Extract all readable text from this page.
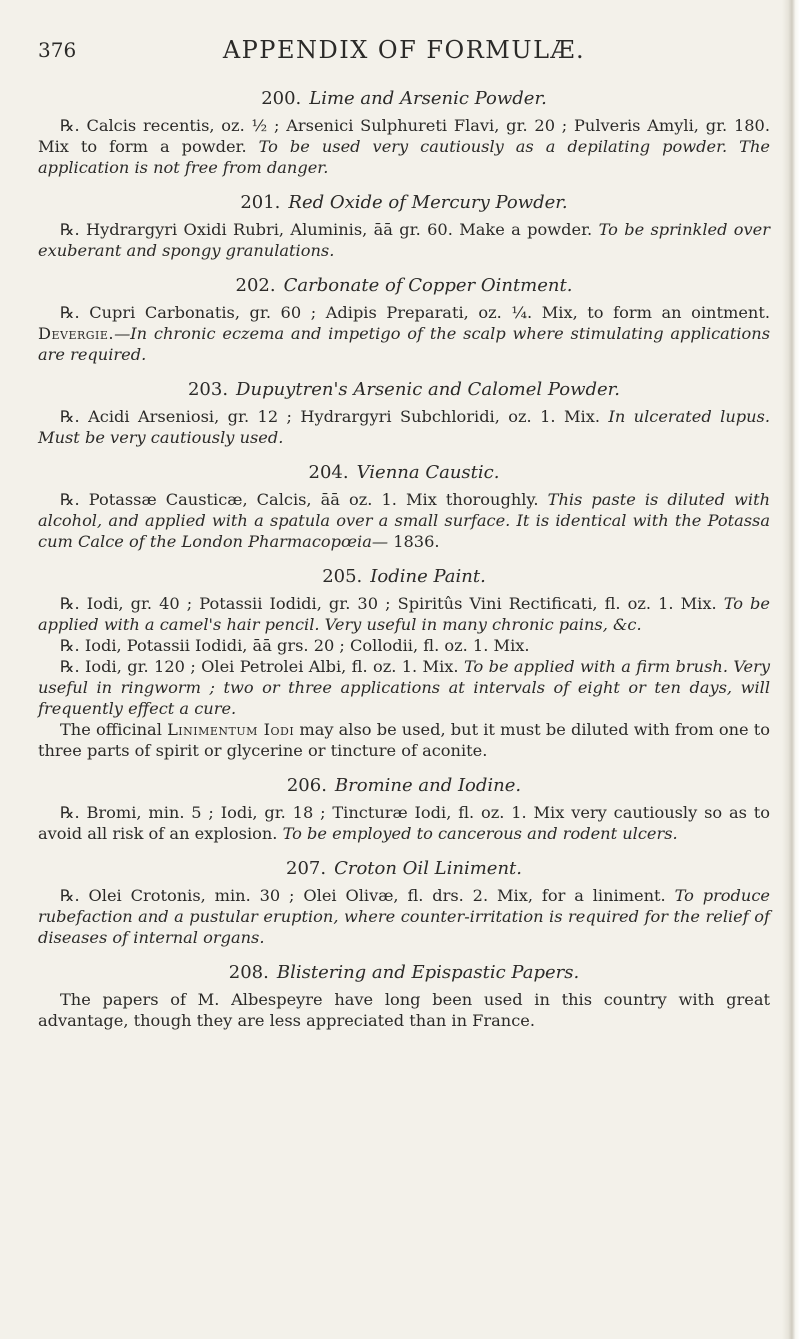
376	APPENDIX OF FORMULÆ.
200. Lime and Arsenic Powder.

℞. Calcis recentis, oz. ½ ; Arsenici Sulphureti Flavi, gr. 20 ; Pulveris Amyli, gr. 180. Mix to form a powder. To be used very cautiously as a depilating powder. The application is not free from danger.

201. Red Oxide of Mercury Powder.

℞. Hydrargyri Oxidi Rubri, Aluminis, āā gr. 60. Make a powder. To be sprinkled over exuberant and spongy granulations.

202. Carbonate of Copper Ointment.

℞. Cupri Carbonatis, gr. 60 ; Adipis Preparati, oz. ¼. Mix, to form an ointment. Devergie.—In chronic eczema and impetigo of the scalp where stimulating applications are required.

203. Dupuytren's Arsenic and Calomel Powder.

℞. Acidi Arseniosi, gr. 12 ; Hydrargyri Subchloridi, oz. 1. Mix. In ulcerated lupus. Must be very cautiously used.

204. Vienna Caustic.

℞. Potassæ Causticæ, Calcis, āā oz. 1. Mix thoroughly. This paste is diluted with alcohol, and applied with a spatula over a small surface. It is identical with the Potassa cum Calce of the London Pharmacopœia— 1836.

205. Iodine Paint.

℞. Iodi, gr. 40 ; Potassii Iodidi, gr. 30 ; Spiritûs Vini Rectificati, fl. oz. 1. Mix. To be applied with a camel's hair pencil. Very useful in many chronic pains, &c.

℞. Iodi, Potassii Iodidi, āā grs. 20 ; Collodii, fl. oz. 1. Mix.

℞. Iodi, gr. 120 ; Olei Petrolei Albi, fl. oz. 1. Mix. To be applied with a firm brush. Very useful in ringworm ; two or three applications at intervals of eight or ten days, will frequently effect a cure.

The officinal Linimentum Iodi may also be used, but it must be diluted with from one to three parts of spirit or glycerine or tincture of aconite.

206. Bromine and Iodine.

℞. Bromi, min. 5 ; Iodi, gr. 18 ; Tincturæ Iodi, fl. oz. 1. Mix very cautiously so as to avoid all risk of an explosion. To be employed to cancerous and rodent ulcers.

207. Croton Oil Liniment.

℞. Olei Crotonis, min. 30 ; Olei Olivæ, fl. drs. 2. Mix, for a liniment. To produce rubefaction and a pustular eruption, where counter-irritation is required for the relief of diseases of internal organs.

208. Blistering and Epispastic Papers.

The papers of M. Albespeyre have long been used in this country with great advantage, though they are less appreciated than in France.
